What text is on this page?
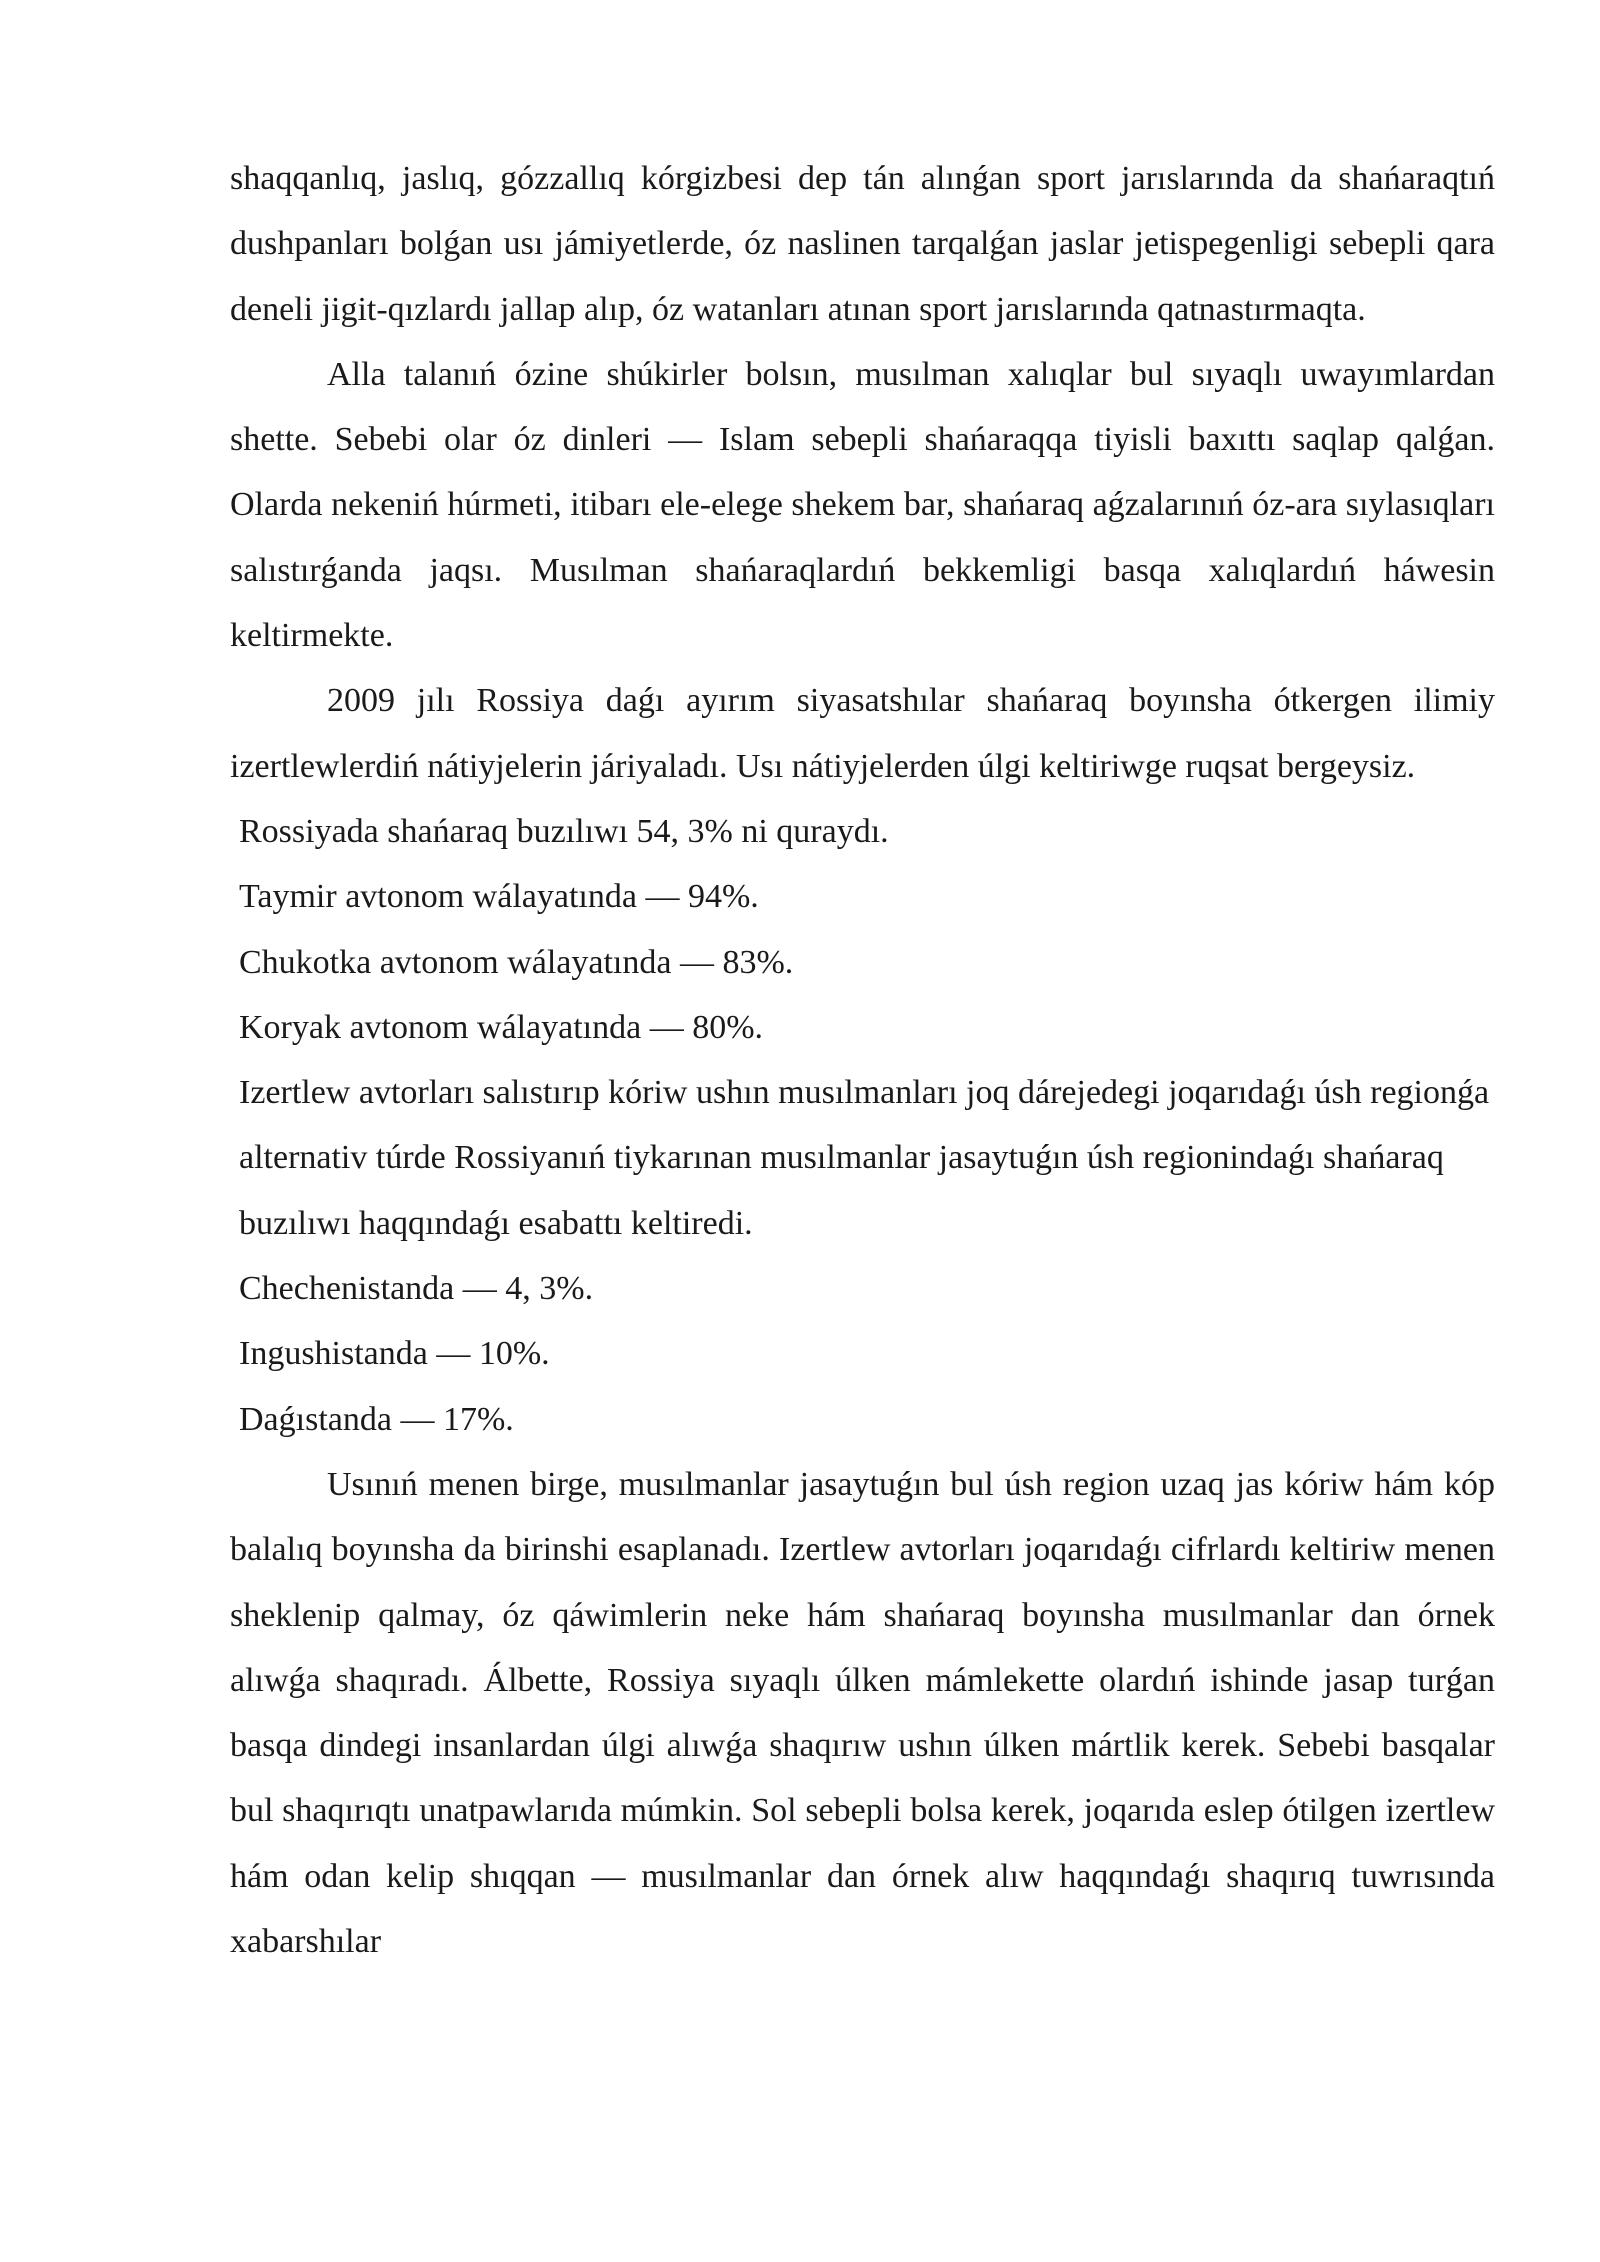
shaqqanlıq, jaslıq, gózzallıq kórgizbesi dep tán alınǵan sport jarıslarında da shańaraqtıń dushpanları bolǵan usı jámiyetlerde, óz naslinen tarqalǵan jaslar jetispegenligi sebepli qara deneli jigit-qızlardı jallap alıp, óz watanları atınan sport jarıslarında qatnastırmaqta.

Alla talanıń ózine shúkirler bolsın, musılman xalıqlar bul sıyaqlı uwayımlardan shette. Sebebi olar óz dinleri — Islam sebepli shańaraqqa tiyisli baxıttı saqlap qalǵan. Olarda nekeniń húrmeti, itibarı ele-elege shekem bar, shańaraq aǵzalarınıń óz-ara sıylasıqları salıstırǵanda jaqsı. Musılman shańaraqlardıń bekkemligi basqa xalıqlardıń háwesin keltirmekte.

2009 jılı Rossiya daǵı ayırım siyasatshılar shańaraq boyınsha ótkergen ilimiy izertlewlerdiń nátiyjelerin járiyaladı. Usı nátiyjelerden úlgi keltiriwge ruqsat bergeysiz.

Rossiyada shańaraq buzılıwı 54, 3% ni quraydı.

Taymir avtonom wálayatında — 94%.

Chukotka avtonom wálayatında — 83%.

Koryak avtonom wálayatında — 80%.

Izertlew avtorları salıstırıp kóriw ushın musılmanları joq dárejedegi joqarıdaǵı úsh regionǵa alternativ túrde Rossiyanıń tiykarınan musılmanlar jasaytuǵın úsh regionindaǵı shańaraq buzılıwı haqqındaǵı esabattı keltiredi.

Chechenistanda — 4, 3%.

Ingushistanda — 10%.

Daǵıstanda — 17%.

Usınıń menen birge, musılmanlar jasaytuǵın bul úsh region uzaq jas kóriw hám kóp balalıq boyınsha da birinshi esaplanadı. Izertlew avtorları joqarıdaǵı cifrlardı keltiriw menen sheklenip qalmay, óz qáwimlerin neke hám shańaraq boyınsha musılmanlar dan órnek alıwǵa shaqıradı. Álbette, Rossiya sıyaqlı úlken mámlekette olardıń ishinde jasap turǵan basqa dindegi insanlardan úlgi alıwǵa shaqırıw ushın úlken mártlik kerek. Sebebi basqalar bul shaqırıqtı unatpawlarıda múmkin. Sol sebepli bolsa kerek, joqarıda eslep ótilgen izertlew hám odan kelip shıqqan — musılmanlar dan órnek alıw haqqındaǵı shaqırıq tuwrısında xabarshılar
